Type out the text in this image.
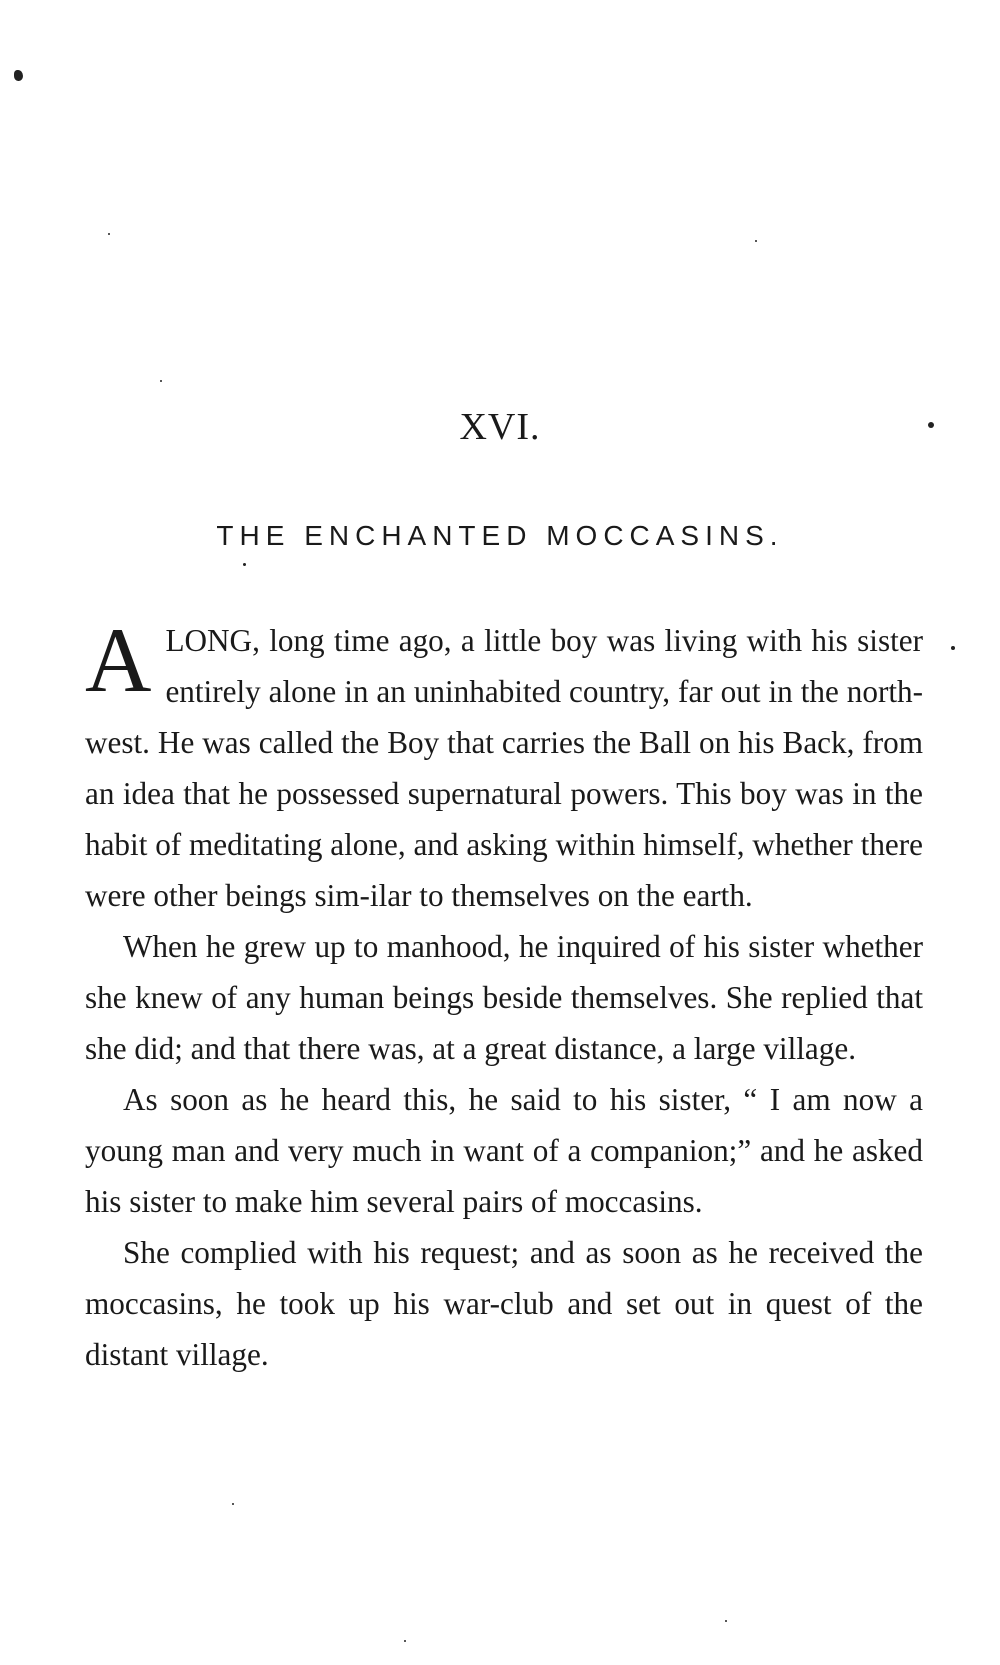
XVI.
THE ENCHANTED MOCCASINS.

ALONG, long time ago, a little boy was living with his sister entirely alone in an uninhabited country, far out in the north-west. He was called the Boy that carries the Ball on his Back, from an idea that he possessed supernatural powers. This boy was in the habit of meditating alone, and asking within himself, whether there were other beings sim-ilar to themselves on the earth.

When he grew up to manhood, he inquired of his sister whether she knew of any human beings beside themselves. She replied that she did; and that there was, at a great distance, a large village.

As soon as he heard this, he said to his sister, “ I am now a young man and very much in want of a companion;” and he asked his sister to make him several pairs of moccasins.

She complied with his request; and as soon as he received the moccasins, he took up his war-club and set out in quest of the distant village.
